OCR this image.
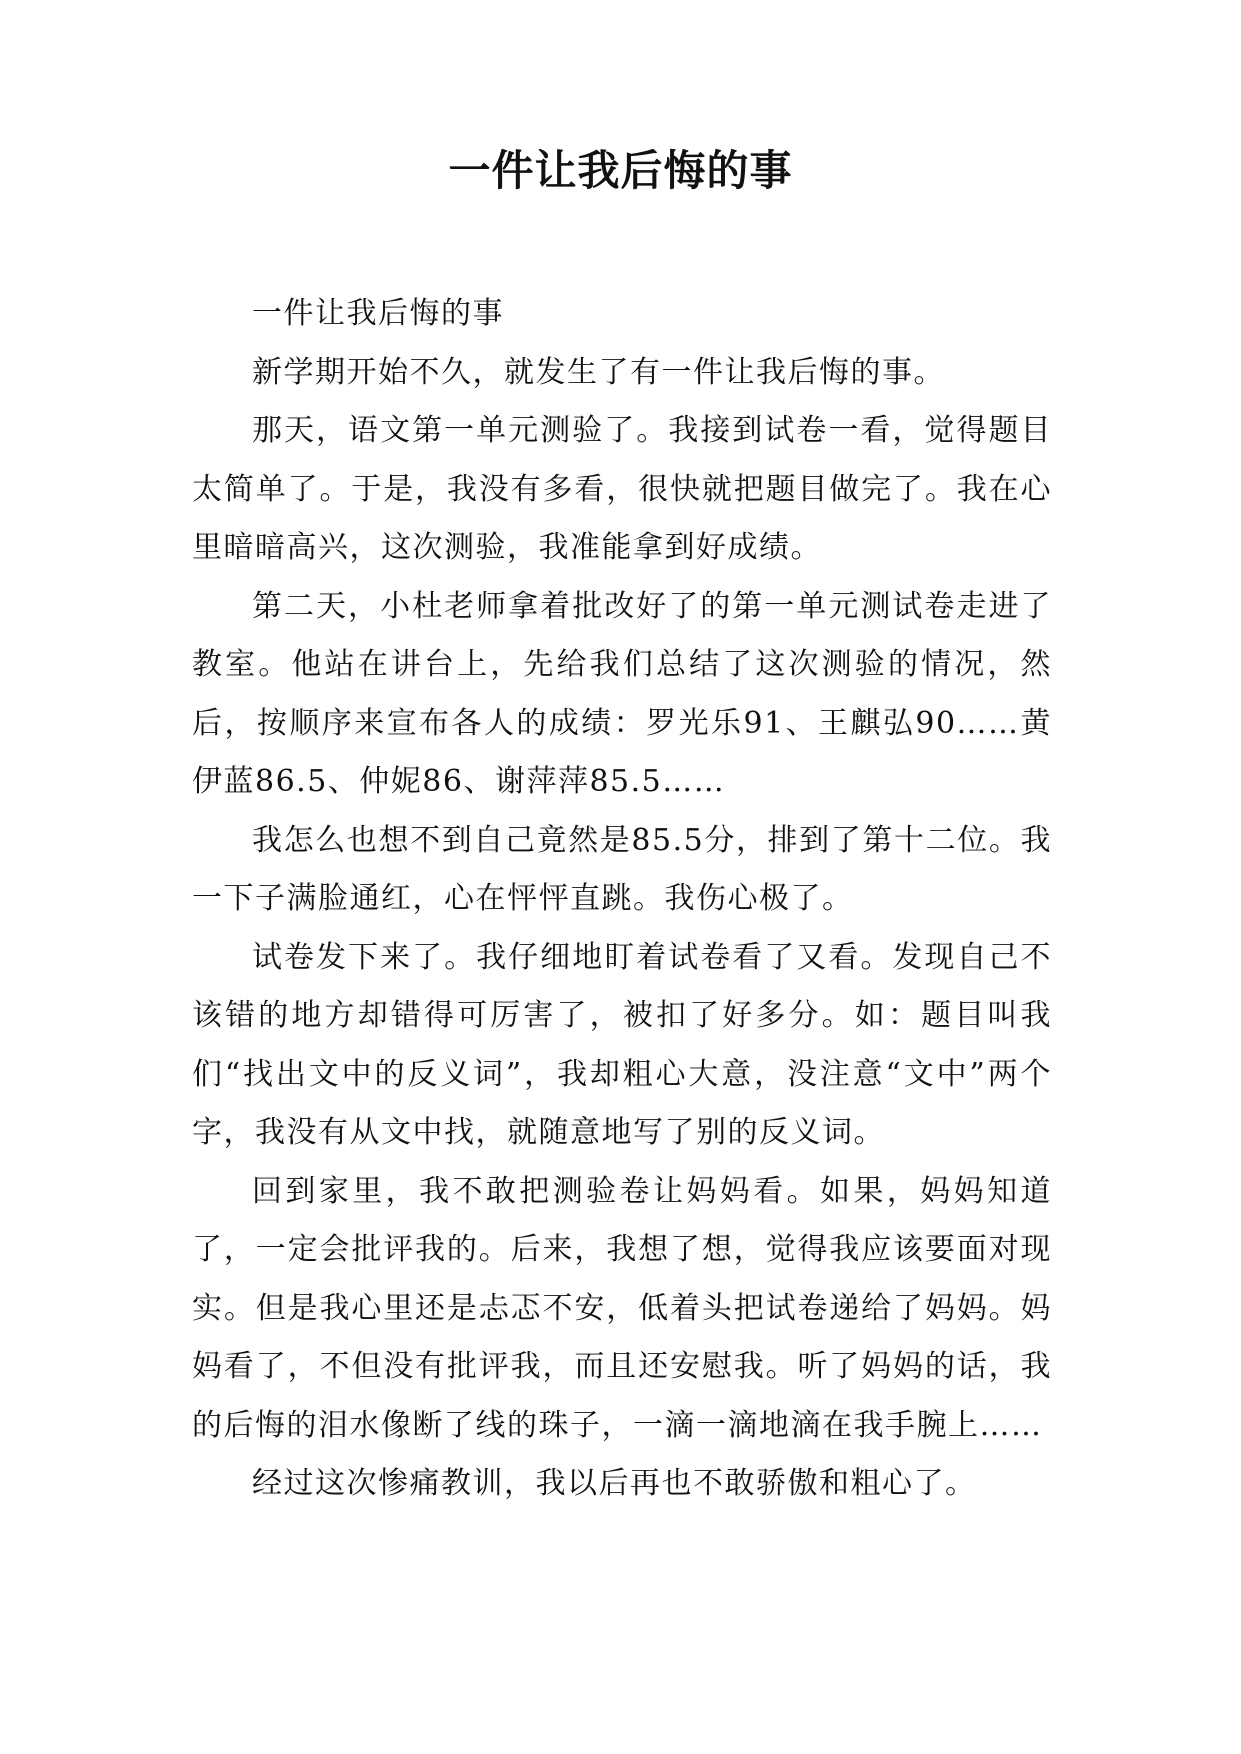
一件让我后悔的事

一件让我后悔的事

新学期开始不久，就发生了有一件让我后悔的事。

那天，语文第一单元测验了。我接到试卷一看，觉得题目太简单了。于是，我没有多看，很快就把题目做完了。我在心里暗暗高兴，这次测验，我准能拿到好成绩。

第二天，小杜老师拿着批改好了的第一单元测试卷走进了教室。他站在讲台上，先给我们总结了这次测验的情况，然后，按顺序来宣布各人的成绩：罗光乐91、王麒弘90……黄伊蓝86.5、仲妮86、谢萍萍85.5……

我怎么也想不到自己竟然是85.5分，排到了第十二位。我一下子满脸通红，心在怦怦直跳。我伤心极了。

试卷发下来了。我仔细地盯着试卷看了又看。发现自己不该错的地方却错得可厉害了，被扣了好多分。如：题目叫我们“找出文中的反义词”，我却粗心大意，没注意“文中”两个字，我没有从文中找，就随意地写了别的反义词。

回到家里，我不敢把测验卷让妈妈看。如果，妈妈知道了，一定会批评我的。后来，我想了想，觉得我应该要面对现实。但是我心里还是忐忑不安，低着头把试卷递给了妈妈。妈妈看了，不但没有批评我，而且还安慰我。听了妈妈的话，我的后悔的泪水像断了线的珠子，一滴一滴地滴在我手腕上……

经过这次惨痛教训，我以后再也不敢骄傲和粗心了。
